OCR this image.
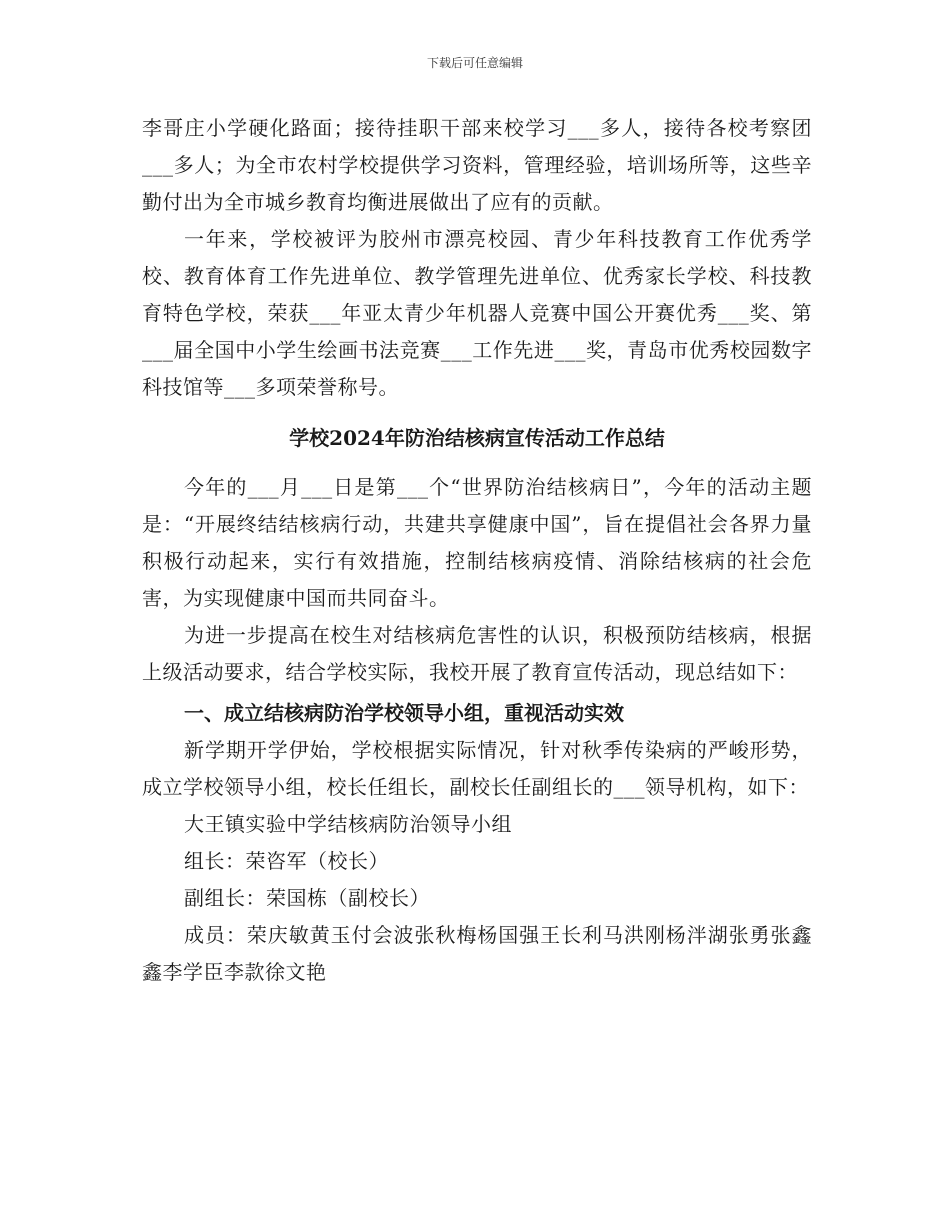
下载后可任意编辑

李哥庄小学硬化路面；接待挂职干部来校学习___多人，接待各校考察团___多人；为全市农村学校提供学习资料，管理经验，培训场所等，这些辛勤付出为全市城乡教育均衡进展做出了应有的贡献。

一年来，学校被评为胶州市漂亮校园、青少年科技教育工作优秀学校、教育体育工作先进单位、教学管理先进单位、优秀家长学校、科技教育特色学校，荣获___年亚太青少年机器人竞赛中国公开赛优秀___奖、第___届全国中小学生绘画书法竞赛___工作先进___奖，青岛市优秀校园数字科技馆等___多项荣誉称号。

学校2024年防治结核病宣传活动工作总结

今年的___月___日是第___个“世界防治结核病日”，今年的活动主题是：“开展终结结核病行动，共建共享健康中国”，旨在提倡社会各界力量积极行动起来，实行有效措施，控制结核病疫情、消除结核病的社会危害，为实现健康中国而共同奋斗。

为进一步提高在校生对结核病危害性的认识，积极预防结核病，根据上级活动要求，结合学校实际，我校开展了教育宣传活动，现总结如下：

一、成立结核病防治学校领导小组，重视活动实效

新学期开学伊始，学校根据实际情况，针对秋季传染病的严峻形势，成立学校领导小组，校长任组长，副校长任副组长的___领导机构，如下：

大王镇实验中学结核病防治领导小组

组长：荣咨军（校长）

副组长：荣国栋（副校长）

成员：荣庆敏黄玉付会波张秋梅杨国强王长利马洪刚杨泮湖张勇张鑫鑫李学臣李款徐文艳
